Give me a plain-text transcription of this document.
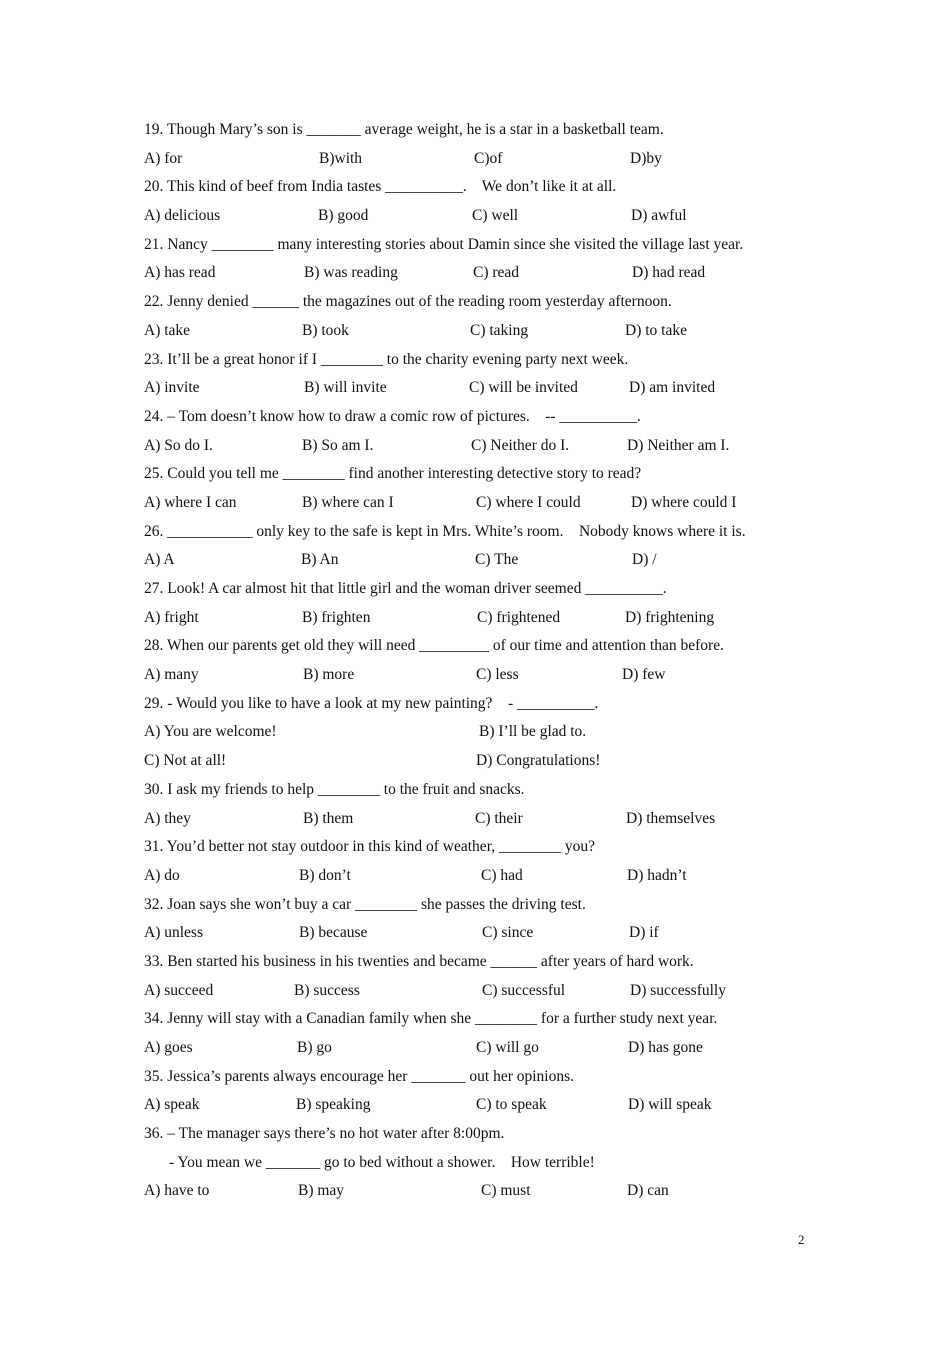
19. Though Mary’s son is _______ average weight, he is a star in a basketball team.

A) for

	B)with

	C)of

	D)by

20. This kind of beef from India tastes __________.    We don’t like it at all.

A) delicious

	B) good

	C) well

	D) awful

21. Nancy ________ many interesting stories about Damin since she visited the village last year.

A) has read

	B) was reading

	C) read

	D) had read

22. Jenny denied ______ the magazines out of the reading room yesterday afternoon.

A) take

	B) took

	C) taking

	D) to take

23. It’ll be a great honor if I ________ to the charity evening party next week.

A) invite

	B) will invite

	C) will be invited

	D) am invited

24. – Tom doesn’t know how to draw a comic row of pictures.    -- __________.

A) So do I.

	B) So am I.

	C) Neither do I.

	D) Neither am I.

25. Could you tell me ________ find another interesting detective story to read?

A) where I can

	B) where can I

	C) where I could

	D) where could I

26. ___________ only key to the safe is kept in Mrs. White’s room.    Nobody knows where it is.

A) A

	B) An

	C) The

	D) /

27. Look! A car almost hit that little girl and the woman driver seemed __________.

A) fright

	B) frighten

	C) frightened

	D) frightening

28. When our parents get old they will need _________ of our time and attention than before.

A) many

	B) more

	C) less

	D) few

29. - Would you like to have a look at my new painting?    - __________.

A) You are welcome!

	B) I’ll be glad to.

C) Not at all!

	D) Congratulations!

30. I ask my friends to help ________ to the fruit and snacks.

A) they

	B) them

	C) their

	D) themselves

31. You’d better not stay outdoor in this kind of weather, ________ you?

A) do

	B) don’t

	C) had

	D) hadn’t

32. Joan says she won’t buy a car ________ she passes the driving test.

A) unless

	B) because

	C) since

	D) if

33. Ben started his business in his twenties and became ______ after years of hard work.

A) succeed

	B) success

	C) successful

	D) successfully

34. Jenny will stay with a Canadian family when she ________ for a further study next year.

A) goes

	B) go

	C) will go

	D) has gone

35. Jessica’s parents always encourage her _______ out her opinions.

A) speak

	B) speaking

	C) to speak

	D) will speak

36. – The manager says there’s no hot water after 8:00pm.
- You mean we _______ go to bed without a shower.    How terrible!

A) have to

	B) may

	C) must

	D) can

2
